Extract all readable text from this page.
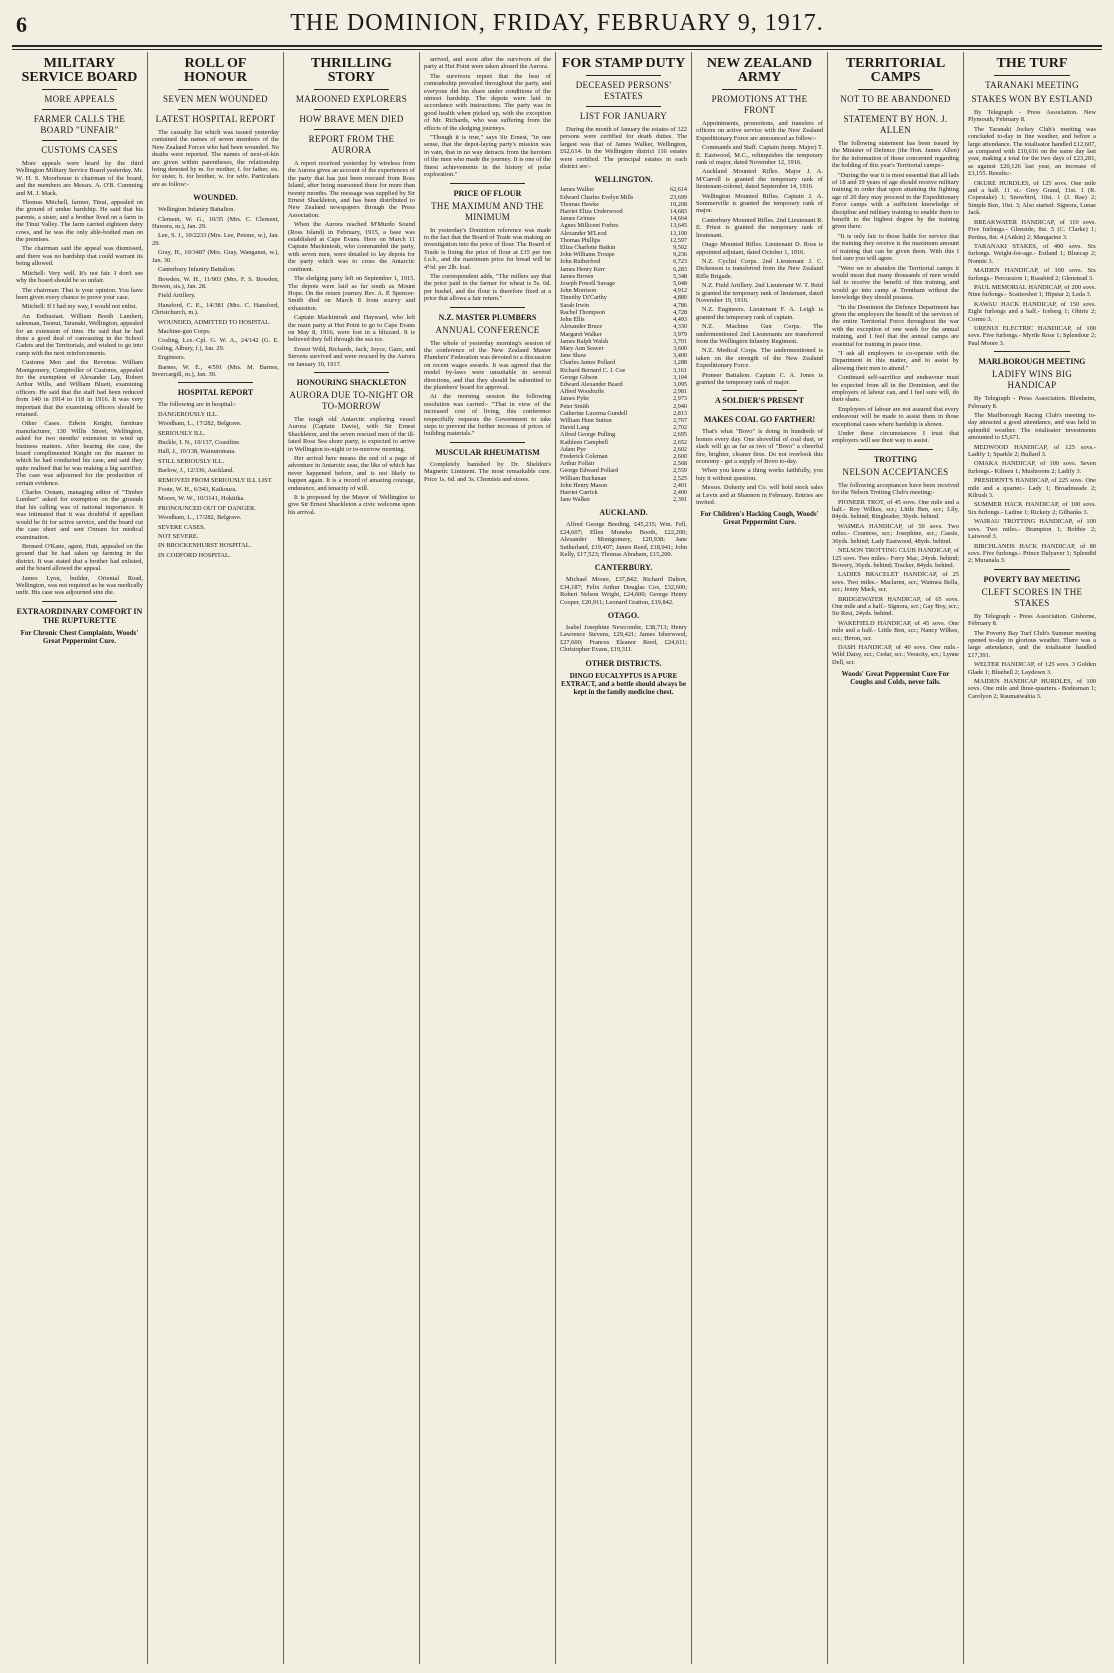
6	THE DOMINION, FRIDAY, FEBRUARY 9, 1917.
MILITARY SERVICE BOARD
MORE APPEALS
FARMER CALLS THE BOARD "UNFAIR"
CUSTOMS CASES

More appeals were heard by the third Wellington Military Service Board yesterday. Mr. W. H. S. Moorhouse is chairman of the board, and the members are Messrs. A. O'B. Cumming and M. J. Mack.

Thomas Mitchell, farmer, Tinui, appealed on the ground of undue hardship. He said that his parents, a sister, and a brother lived on a farm in the Tinui Valley. The farm carried eighteen dairy cows, and he was the only able-bodied man on the premises.

The chairman said the appeal was dismissed, and there was no hardship that could warrant its being allowed.

Mitchell: Very well. It's not fair. I don't see why the board should be so unfair.

The chairman: That is your opinion. You have been given every chance to prove your case.

Mitchell: If I had my way, I would not enlist.

An Enthusiast. William Booth Lambert, salesman, Taonui, Taranaki, Wellington, appealed for an extension of time. He said that he had done a good deal of canvassing in the School Cadets and the Territorials, and wished to go into camp with the next reinforcements.

Customs Men and the Revenue. William Montgomery, Comptroller of Customs, appealed for the exemption of Alexander Lay, Robert Arthur Wills, and William Bluett, examining officers. He said that the staff had been reduced from 140 in 1914 to 118 in 1916. It was very important that the examining officers should be retained.

Other Cases. Edwin Knight, furniture manufacturer, 130 Willis Street, Wellington, asked for two months' extension to wind up business matters. After hearing the case, the board complimented Knight on the manner in which he had conducted his case, and said they quite realised that he was making a big sacrifice. The case was adjourned for the production of certain evidence.

Charles Oxnam, managing editor of "Timber Lumber" asked for exemption on the grounds that his calling was of national importance. It was intimated that it was doubtful if appellant would be fit for active service, and the board cut the case short and sent Oxnam for medical examination.

Bernard O'Kane, agent, Hutt, appealed on the ground that he had taken up farming in the district. It was stated that a brother had enlisted, and the board allowed the appeal.

James Lyon, builder, Oriental Road, Wellington, was not required as he was medically unfit. His case was adjourned sine die.

EXTRAORDINARY COMFORT IN THE RUPTURETTE
For Chronic Chest Complaints, Woods' Great Peppermint Cure.
ROLL OF HONOUR
SEVEN MEN WOUNDED
LATEST HOSPITAL REPORT

The casualty list which was issued yesterday contained the names of seven members of the New Zealand Forces who had been wounded. No deaths were reported. The names of next-of-kin are given within parentheses, the relationship being denoted by m. for mother, f. for father, sis. for sister, b. for brother, w. for wife. Particulars are as follow:-

WOUNDED.

Wellington Infantry Battalion.

Clement, W. G., 10/35 (Mrs. C. Clement, Hawera, m.), Jan. 29.

Lee, S. J., 10/2233 (Mrs. Lee, Petone, w.), Jan. 29.

Gray, H., 10/3487 (Mrs. Gray, Wanganui, w.), Jan. 30.

Canterbury Infantry Battalion.

Bowden, W. H., 11/903 (Mrs. F. S. Bowden, Bowen, sis.), Jan. 28.

Field Artillery.

Hansford, C. E., 14/381 (Mrs. C. Hansford, Christchurch, m.).

WOUNDED, ADMITTED TO HOSPITAL.

Machine-gun Corps.

Cosling, Lce.-Cpl. G. W. A., 24/142 (G. E. Cosling, Albury, f.), Jan. 29.

Engineers.

Barnes, W. E., 4/591 (Mrs. M. Barnes, Invercargill, m.), Jan. 30.

HOSPITAL REPORT

The following are in hospital:-

DANGEROUSLY ILL.

Woodham, L., 17/282, Belgrave.

SERIOUSLY ILL.

Buckle, I. N., 10/137, Coastline.

Hall, J., 10/138, Wainuiomata.

STILL SERIOUSLY ILL.

Barlow, J., 12/336, Auckland.

REMOVED FROM SERIOUSLY ILL LIST.

Foote, W. H., 6/343, Kaikoura.

Moore, W. W., 10/3141, Hokitika.

PRONOUNCED OUT OF DANGER.

Woodham, L., 17/282, Belgrave.

SEVERE CASES.

NOT SEVERE.

IN BROCKENHURST HOSPITAL.

IN CODFORD HOSPITAL.

THRILLING STORY
MAROONED EXPLORERS
HOW BRAVE MEN DIED
REPORT FROM THE AURORA

A report received yesterday by wireless from the Aurora gives an account of the experiences of the party that has just been rescued from Ross Island, after being marooned there for more than twenty months. The message was supplied by Sir Ernest Shackleton, and has been distributed to New Zealand newspapers through the Press Association.

When the Aurora reached M'Murdo Sound (Ross Island) in February, 1915, a base was established at Cape Evans. Here on March 11 Captain Mackintosh, who commanded the party, with seven men, were detailed to lay depots for the party which was to cross the Antarctic continent.

The sledging party left on September 1, 1915. The depots were laid as far south as Mount Hope. On the return journey Rev. A. P. Spencer-Smith died on March 8 from scurvy and exhaustion.

Captain Mackintosh and Hayward, who left the main party at Hut Point to go to Cape Evans on May 8, 1916, were lost in a blizzard. It is believed they fell through the sea ice.

Ernest Wild, Richards, Jack, Joyce, Gaze, and Stevens survived and were rescued by the Aurora on January 10, 1917.

HONOURING SHACKLETON
AURORA DUE TO-NIGHT OR TO-MORROW

The tough old Antarctic exploring vessel Aurora (Captain Davis), with Sir Ernest Shackleton, and the seven rescued men of the ill-fated Ross Sea shore party, is expected to arrive in Wellington to-night or to-morrow morning.

Her arrival here means the end of a page of adventure in Antarctic seas, the like of which has never happened before, and is not likely to happen again. It is a record of amazing courage, endurance, and tenacity of will.

It is proposed by the Mayor of Wellington to give Sir Ernest Shackleton a civic welcome upon his arrival.

arrived, and soon after the survivors of the party at Hut Point were taken aboard the Aurora.

The survivors report that the best of comradeship prevailed throughout the party, and everyone did his share under conditions of the utmost hardship. The depots were laid in accordance with instructions. The party was in good health when picked up, with the exception of Mr. Richards, who was suffering from the effects of the sledging journeys.

"Though it is true," says Sir Ernest, "in one sense, that the depot-laying party's mission was in vain, that in no way detracts from the heroism of the men who made the journey. It is one of the finest achievements in the history of polar exploration."

PRICE OF FLOUR
THE MAXIMUM AND THE MINIMUM

In yesterday's Dominion reference was made to the fact that the Board of Trade was making an investigation into the price of flour. The Board of Trade is fixing the price of flour at £15 per ton f.o.b., and the maximum price for bread will be 4½d. per 2lb. loaf.

The correspondent adds, "The millers say that the price paid to the farmer for wheat is 5s. 6d. per bushel, and the flour is therefore fixed at a price that allows a fair return."

N.Z. MASTER PLUMBERS
ANNUAL CONFERENCE

The whole of yesterday morning's session of the conference of the New Zealand Master Plumbers' Federation was devoted to a discussion on recent wages awards. It was agreed that the model by-laws were unsuitable in several directions, and that they should be submitted to the plumbers' board for approval.

At the morning session the following resolution was carried:- "That in view of the increased cost of living, this conference respectfully requests the Government to take steps to prevent the further increase of prices of building materials."

MUSCULAR RHEUMATISM

Completely banished by Dr. Sheldon's Magnetic Liniment. The most remarkable cure. Price 1s. 6d. and 3s. Chemists and stores.

FOR STAMP DUTY
DECEASED PERSONS' ESTATES
LIST FOR JANUARY

During the month of January the estates of 322 persons were certified for death duties. The largest was that of James Walker, Wellington, £62,614. In the Wellington district 116 estates were certified. The principal estates in each district are:-

WELLINGTON.
James Walker	62,614
Edward Charles Evelyn Mills	23,699
Thomas Hawke	19,208
Harriet Eliza Underwood	14,683
James Grimes	14,664
Agnes Millicent Forbes	13,645
Alexander M'Leod	13,100
Thomas Phillips	12,597
Eliza Charlotte Batkin	9,502
John Williams Troupe	9,236
John Rutherford	6,723
James Henry Kerr	6,283
James Brown	5,348
Joseph Powell Savage	5,048
John Morrison	4,912
Timothy Di'Carthy	4,880
Sarah Irwin	4,786
Rachel Thompson	4,728
John Ellis	4,493
Alexander Bruce	4,330
Margaret Walker	3,979
James Ralph Walsh	3,701
Mary Ann Seaver	3,600
Jane Shaw	3,400
Charles James Pollard	3,288
Richard Bernard C. J. Coe	3,161
George Gibson	3,104
Edward Alexander Beard	3,095
Alfred Woodruffe	2,981
James Pyke	2,973
Peter Smith	2,940
Catherine Lucerna Gundell	2,813
William Hunt Sutton	2,767
David Lang	2,702
Alfred George Pulling	2,695
Kathleen Campbell	2,652
Adam Pye	2,602
Frederick Coleman	2,600
Arthur Follair	2,568
George Edward Pollard	2,559
William Buchanan	2,525
John Henry Mason	2,401
Harriet Carrick	2,400
Jane Walker	2,391
AUCKLAND.

Alfred George Beeding, £45,235; Wm. Fell, £24,607; Ellen Moneko Booth, £22,200; Alexander Montgomery, £20,938; Jane Sutherland, £19,407; James Reed, £18,941; John Kelly, £17,523; Thomas Abraham, £15,200.

CANTERBURY.

Michael Moore, £37,842; Richard Dalton, £34,187; Felix Arthur Douglas Cox, £32,600; Robert Nelson Wright, £24,600; George Henry Cooper, £20,911; Leonard Gratton, £19,842.

OTAGO.

Isabel Josephine Newcombe, £38,713; Henry Lawrence Stevens, £29,421; James Isherwood, £27,600; Frances Eleanor Reed, £24,611; Christopher Evans, £19,311.

OTHER DISTRICTS.
DINGO EUCALYPTUS IS A PURE EXTRACT, and a bottle should always be kept in the family medicine chest.
NEW ZEALAND ARMY
PROMOTIONS AT THE FRONT

Appointments, promotions, and transfers of officers on active service with the New Zealand Expeditionary Force are announced as follow:-

Commands and Staff. Captain (temp. Major) T. E. Eastwood, M.C., relinquishes the temporary rank of major, dated November 12, 1916.

Auckland Mounted Rifles. Major J. A. M'Carroll is granted the temporary rank of lieutenant-colonel, dated September 14, 1916.

Wellington Mounted Rifles. Captain J. A. Sommerville is granted the temporary rank of major.

Canterbury Mounted Rifles. 2nd Lieutenant R. E. Priest is granted the temporary rank of lieutenant.

Otago Mounted Rifles. Lieutenant D. Ross is appointed adjutant, dated October 1, 1916.

N.Z. Cyclist Corps. 2nd Lieutenant J. C. Dickenson is transferred from the New Zealand Rifle Brigade.

N.Z. Field Artillery. 2nd Lieutenant W. T. Reid is granted the temporary rank of lieutenant, dated November 19, 1916.

N.Z. Engineers. Lieutenant F. A. Leigh is granted the temporary rank of captain.

N.Z. Machine Gun Corps. The undermentioned 2nd Lieutenants are transferred from the Wellington Infantry Regiment.

N.Z. Medical Corps. The undermentioned is taken on the strength of the New Zealand Expeditionary Force.

Pioneer Battalion. Captain C. A. Jones is granted the temporary rank of major.

A SOLDIER'S PRESENT
MAKES COAL GO FARTHER!

That's what "Bovo" is doing in hundreds of homes every day. One shovelful of coal dust, or slack will go as far as two of "Bovo" a cheerful fire, brighter, cleaner fires. Do not overlook this economy - get a supply of Bovo to-day.

When you know a thing works faithfully, you buy it without question.

Messrs. Doherty and Co. will hold stock sales at Levin and at Shannon in February. Entries are invited.

For Children's Hacking Cough, Woods' Great Peppermint Cure.
TERRITORIAL CAMPS
NOT TO BE ABANDONED
STATEMENT BY HON. J. ALLEN

The following statement has been issued by the Minister of Defence (the Hon. James Allen) for the information of those concerned regarding the holding of this year's Territorial camps:-

"During the war it is most essential that all lads of 18 and 19 years of age should receive military training in order that upon attaining the fighting age of 20 they may proceed to the Expeditionary Force camps with a sufficient knowledge of discipline and military training to enable them to benefit to the highest degree by the training given there.

"It is only fair to those liable for service that the training they receive is the maximum amount of training that can be given them. With this I feel sure you will agree.

"Were we to abandon the Territorial camps it would mean that many thousands of men would fail to receive the benefit of this training, and would go into camp at Trentham without the knowledge they should possess.

"In the Dominion the Defence Department has given the employers the benefit of the services of the entire Territorial Force throughout the war with the exception of one week for the annual training, and I feel that the annual camps are essential for training in peace time.

"I ask all employers to co-operate with the Department in this matter, and to assist by allowing their men to attend."

Continued self-sacrifice and endeavour must be expected from all in the Dominion, and the employers of labour can, and I feel sure will, do their share.

Employers of labour are not assured that every endeavour will be made to assist them in those exceptional cases where hardship is shown.

Under these circumstances I trust that employers will see their way to assist.

TROTTING
NELSON ACCEPTANCES

The following acceptances have been received for the Nelson Trotting Club's meeting:-

PIONEER TROT, of 45 sovs. One mile and a half.- Roy Wilkes, scr.; Little Ben, scr.; Lily, 84yds. behind; Ringleader, 36yds. behind.

WAIMEA HANDICAP, of 50 sovs. Two miles.- Countess, scr.; Josephine, scr.; Cassie, 36yds. behind; Lady Eastwood, 48yds. behind.

NELSON TROTTING CLUB HANDICAP, of 125 sovs. Two miles.- Ferry Mac, 24yds. behind; Bowery, 36yds. behind; Tracker, 84yds. behind.

LADIES BRACELET HANDICAP, of 25 sovs. Two miles.- Maclaren, scr.; Waimea Bella, scr.; Jenny Mack, scr.

BRIDGEWATER HANDICAP, of 65 sovs. One mile and a half.- Signora, scr.; Gay Boy, scr.; Sir Rest, 24yds. behind.

WAKEFIELD HANDICAP, of 45 sovs. One mile and a half.- Little Ben, scr.; Nancy Wilkes, scr.; Heron, scr.

DASH HANDICAP, of 40 sovs. One mile.- Wild Daisy, scr.; Cedar, scr.; Veracity, scr.; Lynne Dell, scr.

Woods' Great Peppermint Cure For Coughs and Colds, never fails.
THE TURF
TARANAKI MEETING
STAKES WON BY ESTLAND

By Telegraph - Press Association. New Plymouth, February 8.

The Taranaki Jockey Club's meeting was concluded to-day in fine weather, and before a large attendance. The totalisator handled £12,607, as compared with £10,616 on the same day last year, making a total for the two days of £23,281, as against £20,126 last year, an increase of £3,155. Results:-

OKURE HURDLES, of 125 sovs. One mile and a half. 11 st.- Grey Grand, 11st. 1 (R. Copestake) 1; Snowbird, 10st. 1 (J. Rae) 2; Simple Ben, 10st. 3; Also started: Signora, Lunae Jack.

BREAKWATER HANDICAP, of 110 sovs. Five furlongs.- Glenside, 8st. 5 (C. Clarke) 1; Pertina, 8st. 4 (Aitkin) 2; Mangarine 3.

TARANAKI STAKES, of 400 sovs. Six furlongs. Weight-for-age.- Estland 1; Bluecap 2; Nonnie 3.

MAIDEN HANDICAP, of 100 sovs. Six furlongs.- Percussion 1; Ruasbird 2; Glenstead 3.

PAUL MEMORIAL HANDICAP, of 200 sovs. Nine furlongs.- Scattershot 1; Hipstar 2; Leda 3.

KAWAU HACK HANDICAP, of 150 sovs. Eight furlongs and a half.- Iceberg 1; Ohirie 2; Cormo 3.

URENUI ELECTRIC HANDICAP, of 100 sovs. Five furlongs.- Myrtle Rose 1; Splendour 2; Paul Moore 3.

MARLBOROUGH MEETING
LADIFY WINS BIG HANDICAP

By Telegraph - Press Association. Blenheim, February 8.

The Marlborough Racing Club's meeting to-day attracted a good attendance, and was held in splendid weather. The totalisator investments amounted to £5,671.

MEDWOOD HANDICAP, of 125 sovs.- Ladify 1; Sparkle 2; Bullard 3.

OMAKA HANDICAP, of 100 sovs. Seven furlongs.- Kilteen 1; Mushroom 2; Ladify 3.

PRESIDENT'S HANDICAP, of 225 sovs. One mile and a quarter.- Lady 1; Broadmeade 2; Kilrush 3.

SUMMER HACK HANDICAP, of 100 sovs. Six furlongs.- Ladine 1; Rickety 2; Gilbanks 3.

WAIRAU TROTTING HANDICAP, of 100 sovs. Two miles.- Brampton 1; Bobbie 2; Laiwood 3.

BIRCHLANDS HACK HANDICAP, of 80 sovs. Five furlongs.- Prince Dalyaver 1; Splendid 2; Muranala 3.

POVERTY BAY MEETING
CLEFT SCORES IN THE STAKES

By Telegraph - Press Association. Gisborne, February 8.

The Poverty Bay Turf Club's Summer meeting opened to-day in glorious weather. There was a large attendance, and the totalisator handled £17,391.

WELTER HANDICAP, of 125 sovs. 3 Golden Glade 1; Bluebell 2; Laydown 3.

MAIDEN HANDICAP HURDLES, of 100 sovs. One mile and three-quarters.- Bodesman 1; Carolyon 2; Raumaiwahia 3.
